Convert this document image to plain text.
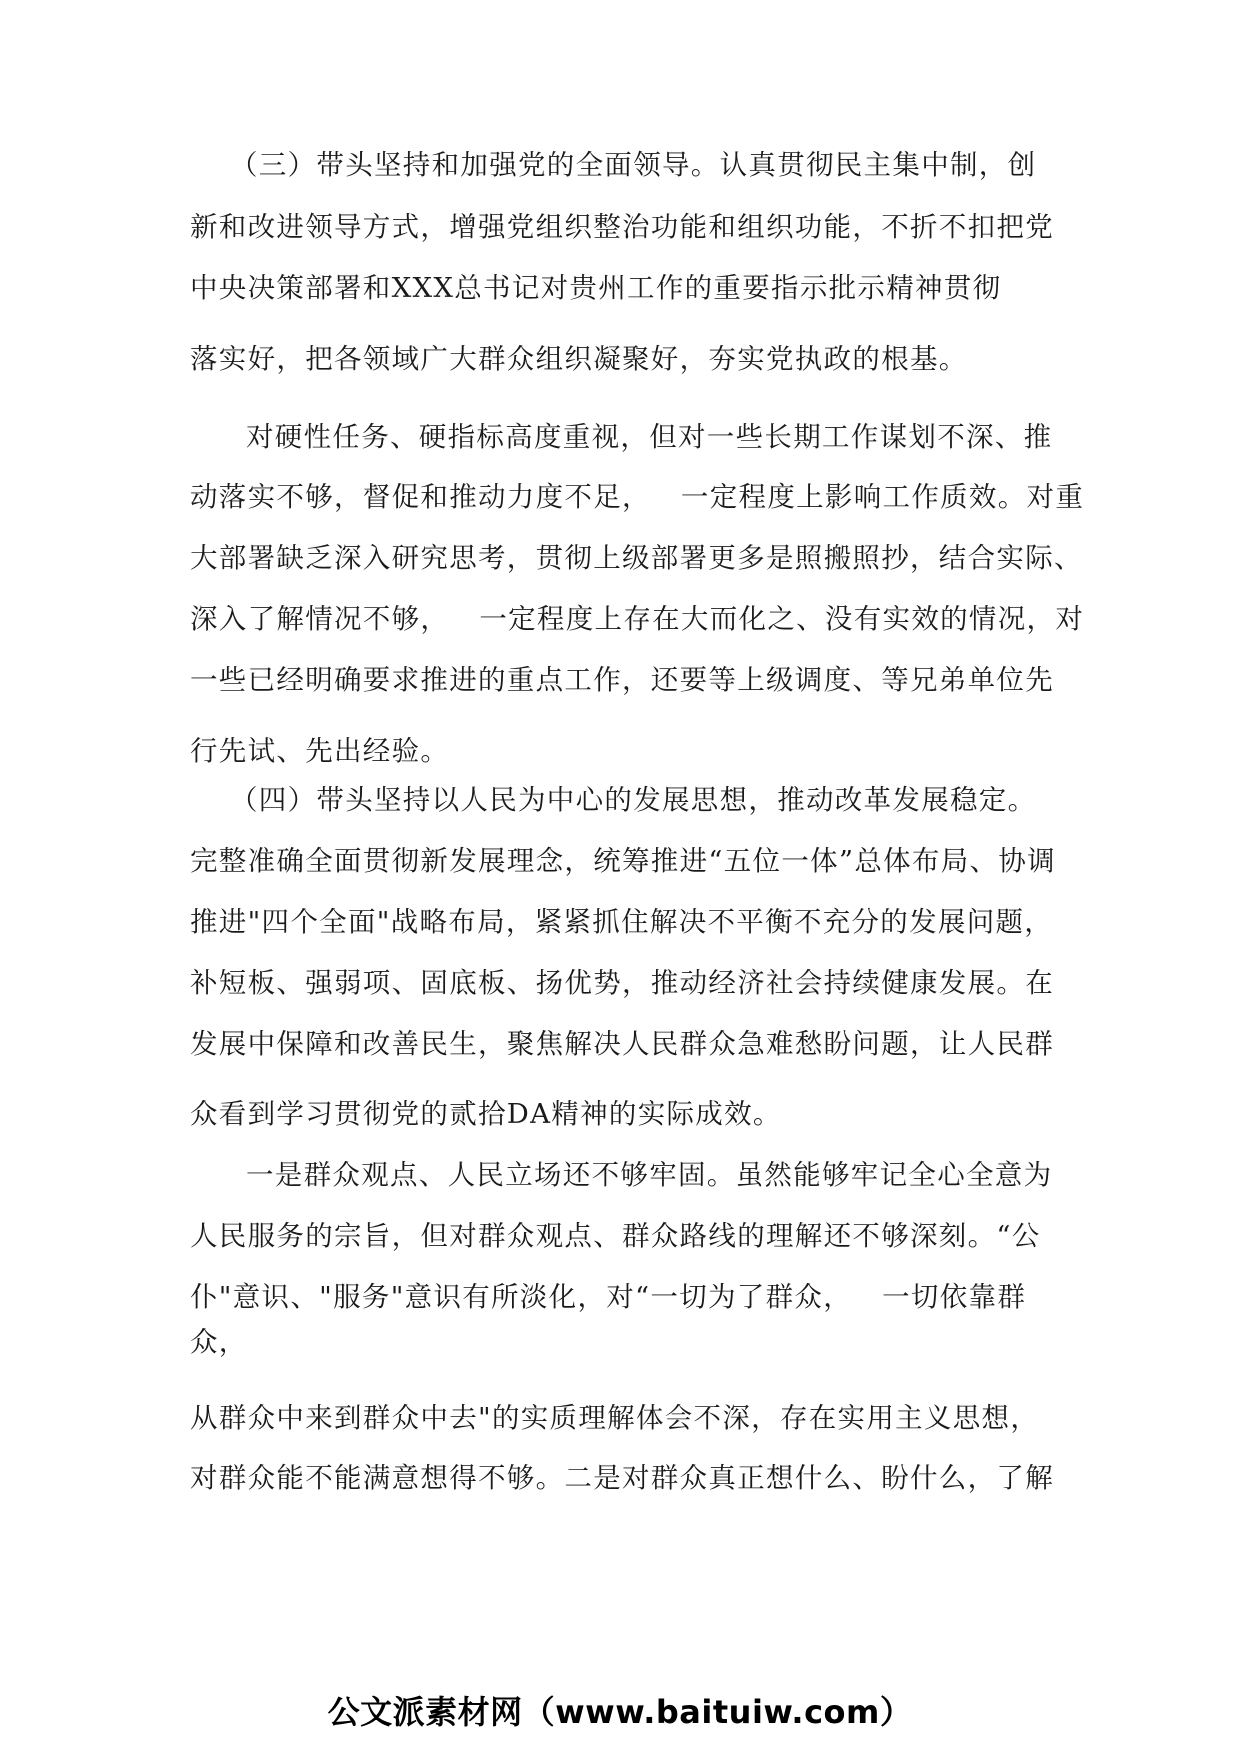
（三）带头坚持和加强党的全面领导。认真贯彻民主集中制，创

新和改进领导方式，增强党组织整治功能和组织功能，不折不扣把党

中央决策部署和XXX总书记对贵州工作的重要指示批示精神贯彻

落实好，把各领域广大群众组织凝聚好，夯实党执政的根基。

对硬性任务、硬指标高度重视，但对一些长期工作谋划不深、推

动落实不够，督促和推动力度不足，   一定程度上影响工作质效。对重

大部署缺乏深入研究思考，贯彻上级部署更多是照搬照抄，结合实际、

深入了解情况不够，   一定程度上存在大而化之、没有实效的情况，对

一些已经明确要求推进的重点工作，还要等上级调度、等兄弟单位先

行先试、先出经验。

（四）带头坚持以人民为中心的发展思想，推动改革发展稳定。

完整准确全面贯彻新发展理念，统筹推进“五位一体”总体布局、协调

推进"四个全面"战略布局，紧紧抓住解决不平衡不充分的发展问题，

补短板、强弱项、固底板、扬优势，推动经济社会持续健康发展。在

发展中保障和改善民生，聚焦解决人民群众急难愁盼问题，让人民群

众看到学习贯彻党的贰拾DA精神的实际成效。

一是群众观点、人民立场还不够牢固。虽然能够牢记全心全意为

人民服务的宗旨，但对群众观点、群众路线的理解还不够深刻。“公

仆"意识、"服务"意识有所淡化，对“一切为了群众，   一切依靠群

众，

从群众中来到群众中去"的实质理解体会不深，存在实用主义思想，

对群众能不能满意想得不够。二是对群众真正想什么、盼什么，了解

公文派素材网（www.baituiw.com）
